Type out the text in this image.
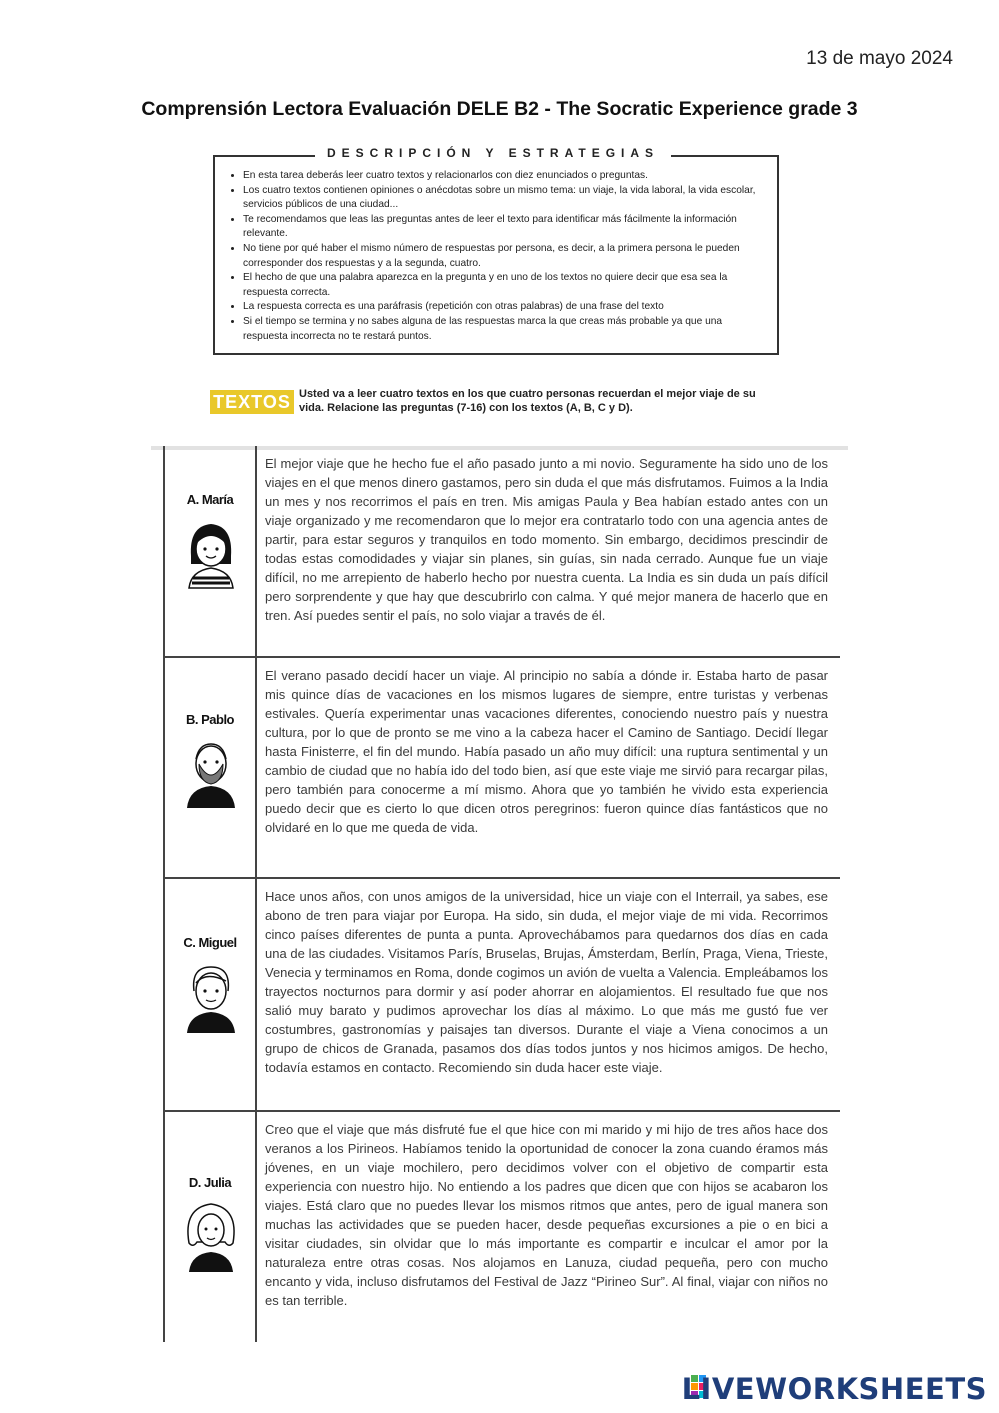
13 de mayo 2024
Comprensión Lectora Evaluación DELE B2 - The Socratic Experience grade 3
DESCRIPCIÓN Y ESTRATEGIAS
• En esta tarea deberás leer cuatro textos y relacionarlos con diez enunciados o preguntas.
• Los cuatro textos contienen opiniones o anécdotas sobre un mismo tema: un viaje, la vida laboral, la vida escolar, servicios públicos de una ciudad...
• Te recomendamos que leas las preguntas antes de leer el texto para identificar más fácilmente la información relevante.
• No tiene por qué haber el mismo número de respuestas por persona, es decir, a la primera persona le pueden corresponder dos respuestas y a la segunda, cuatro.
• El hecho de que una palabra aparezca en la pregunta y en uno de los textos no quiere decir que esa sea la respuesta correcta.
• La respuesta correcta es una paráfrasis (repetición con otras palabras) de una frase del texto
• Si el tiempo se termina y no sabes alguna de las respuestas marca la que creas más probable ya que una respuesta incorrecta no te restará puntos.
TEXTOS Usted va a leer cuatro textos en los que cuatro personas recuerdan el mejor viaje de su vida. Relacione las preguntas (7-16) con los textos (A, B, C y D).
A. María
El mejor viaje que he hecho fue el año pasado junto a mi novio. Seguramente ha sido uno de los viajes en el que menos dinero gastamos, pero sin duda el que más disfrutamos. Fuimos a la India un mes y nos recorrimos el país en tren. Mis amigas Paula y Bea habían estado antes con un viaje organizado y me recomendaron que lo mejor era contratarlo todo con una agencia antes de partir, para estar seguros y tranquilos en todo momento. Sin embargo, decidimos prescindir de todas estas comodidades y viajar sin planes, sin guías, sin nada cerrado. Aunque fue un viaje difícil, no me arrepiento de haberlo hecho por nuestra cuenta. La India es sin duda un país difícil pero sorprendente y que hay que descubrirlo con calma. Y qué mejor manera de hacerlo que en tren. Así puedes sentir el país, no solo viajar a través de él.
B. Pablo
El verano pasado decidí hacer un viaje. Al principio no sabía a dónde ir. Estaba harto de pasar mis quince días de vacaciones en los mismos lugares de siempre, entre turistas y verbenas estivales. Quería experimentar unas vacaciones diferentes, conociendo nuestro país y nuestra cultura, por lo que de pronto se me vino a la cabeza hacer el Camino de Santiago. Decidí llegar hasta Finisterre, el fin del mundo. Había pasado un año muy difícil: una ruptura sentimental y un cambio de ciudad que no había ido del todo bien, así que este viaje me sirvió para recargar pilas, pero también para conocerme a mí mismo. Ahora que yo también he vivido esta experiencia puedo decir que es cierto lo que dicen otros peregrinos: fueron quince días fantásticos que no olvidaré en lo que me queda de vida.
C. Miguel
Hace unos años, con unos amigos de la universidad, hice un viaje con el Interrail, ya sabes, ese abono de tren para viajar por Europa. Ha sido, sin duda, el mejor viaje de mi vida. Recorrimos cinco países diferentes de punta a punta. Aprovechábamos para quedarnos dos días en cada una de las ciudades. Visitamos París, Bruselas, Brujas, Ámsterdam, Berlín, Praga, Viena, Trieste, Venecia y terminamos en Roma, donde cogimos un avión de vuelta a Valencia. Empleábamos los trayectos nocturnos para dormir y así poder ahorrar en alojamientos. El resultado fue que nos salió muy barato y pudimos aprovechar los días al máximo. Lo que más me gustó fue ver costumbres, gastronomías y paisajes tan diversos. Durante el viaje a Viena conocimos a un grupo de chicos de Granada, pasamos dos días todos juntos y nos hicimos amigos. De hecho, todavía estamos en contacto. Recomiendo sin duda hacer este viaje.
D. Julia
Creo que el viaje que más disfruté fue el que hice con mi marido y mi hijo de tres años hace dos veranos a los Pirineos. Habíamos tenido la oportunidad de conocer la zona cuando éramos más jóvenes, en un viaje mochilero, pero decidimos volver con el objetivo de compartir esta experiencia con nuestro hijo. No entiendo a los padres que dicen que con hijos se acabaron los viajes. Está claro que no puedes llevar los mismos ritmos que antes, pero de igual manera son muchas las actividades que se pueden hacer, desde pequeñas excursiones a pie o en bici a visitar ciudades, sin olvidar que lo más importante es compartir e inculcar el amor por la naturaleza entre otras cosas. Nos alojamos en Lanuza, ciudad pequeña, pero con mucho encanto y vida, incluso disfrutamos del Festival de Jazz “Pirineo Sur”. Al final, viajar con niños no es tan terrible.
LIVEWORKSHEETS
